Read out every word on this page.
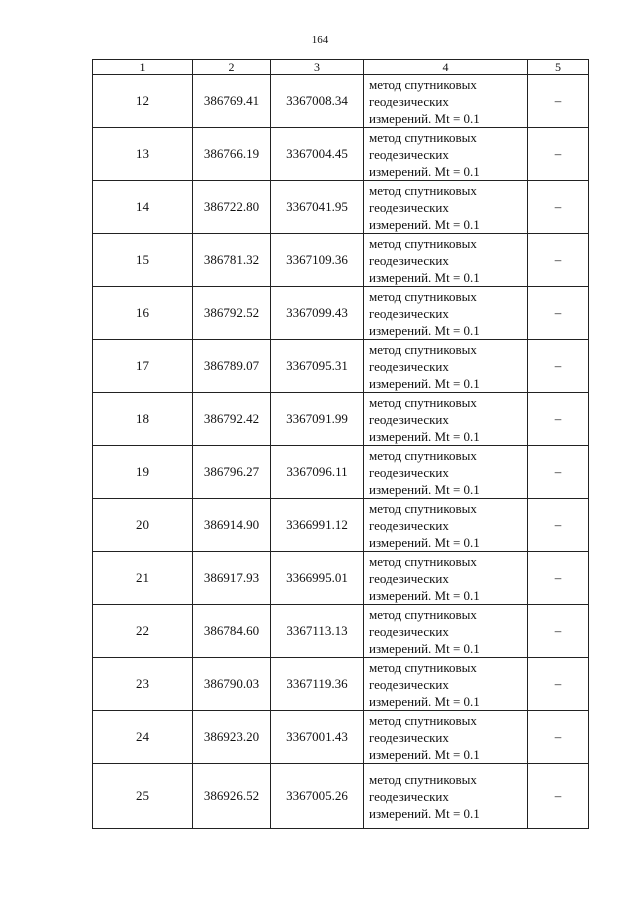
164
1	2	3	4	5
12	386769.41	3367008.34	метод спутниковых
геодезических
измерений. Mt = 0.1	–
13	386766.19	3367004.45	метод спутниковых
геодезических
измерений. Mt = 0.1	–
14	386722.80	3367041.95	метод спутниковых
геодезических
измерений. Mt = 0.1	–
15	386781.32	3367109.36	метод спутниковых
геодезических
измерений. Mt = 0.1	–
16	386792.52	3367099.43	метод спутниковых
геодезических
измерений. Mt = 0.1	–
17	386789.07	3367095.31	метод спутниковых
геодезических
измерений. Mt = 0.1	–
18	386792.42	3367091.99	метод спутниковых
геодезических
измерений. Mt = 0.1	–
19	386796.27	3367096.11	метод спутниковых
геодезических
измерений. Mt = 0.1	–
20	386914.90	3366991.12	метод спутниковых
геодезических
измерений. Mt = 0.1	–
21	386917.93	3366995.01	метод спутниковых
геодезических
измерений. Mt = 0.1	–
22	386784.60	3367113.13	метод спутниковых
геодезических
измерений. Mt = 0.1	–
23	386790.03	3367119.36	метод спутниковых
геодезических
измерений. Mt = 0.1	–
24	386923.20	3367001.43	метод спутниковых
геодезических
измерений. Mt = 0.1	–
25	386926.52	3367005.26	метод спутниковых
геодезических
измерений. Mt = 0.1	–
